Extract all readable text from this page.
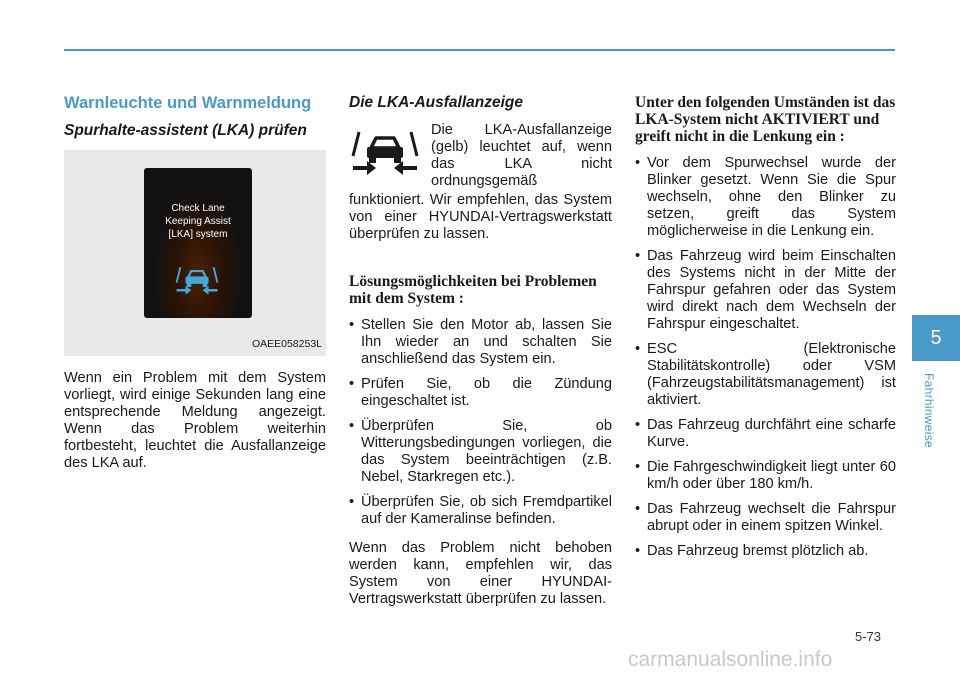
Warnleuchte und Warnmeldung
Spurhalte-assistent (LKA) prüfen
Check Lane
Keeping Assist
[LKA] system
OAEE058253L

Wenn ein Problem mit dem System vorliegt, wird einige Sekunden lang eine entsprechende Meldung angezeigt. Wenn das Problem weiterhin fortbesteht, leuchtet die Ausfallanzeige des LKA auf.

Die LKA-Ausfallanzeige

Die LKA-Ausfallanzeige (gelb) leuchtet auf, wenn das LKA nicht ordnungsgemäß

funktioniert. Wir empfehlen, das System von einer HYUNDAI-Vertragswerkstatt überprüfen zu lassen.

Lösungsmöglichkeiten bei Problemen mit dem System :
• Stellen Sie den Motor ab, lassen Sie Ihn wieder an und schalten Sie anschließend das System ein.
• Prüfen Sie, ob die Zündung eingeschaltet ist.
• Überprüfen Sie, ob Witterungsbedingungen vorliegen, die das System beeinträchtigen (z.B. Nebel, Starkregen etc.).
• Überprüfen Sie, ob sich Fremdpartikel auf der Kameralinse befinden.

Wenn das Problem nicht behoben werden kann, empfehlen wir, das System von einer HYUNDAI-Vertragswerkstatt überprüfen zu lassen.

Unter den folgenden Umständen ist das LKA-System nicht AKTIVIERT und greift nicht in die Lenkung ein :
• Vor dem Spurwechsel wurde der Blinker gesetzt. Wenn Sie die Spur wechseln, ohne den Blinker zu setzen, greift das System möglicherweise in die Lenkung ein.
• Das Fahrzeug wird beim Einschalten des Systems nicht in der Mitte der Fahrspur gefahren oder das System wird direkt nach dem Wechseln der Fahrspur eingeschaltet.
• ESC (Elektronische Stabilitätskontrolle) oder VSM (Fahrzeugstabilitätsmanagement) ist aktiviert.
• Das Fahrzeug durchfährt eine scharfe Kurve.
• Die Fahrgeschwindigkeit liegt unter 60 km/h oder über 180 km/h.
• Das Fahrzeug wechselt die Fahrspur abrupt oder in einem spitzen Winkel.
• Das Fahrzeug bremst plötzlich ab.
5
Fahrhinweise
5-73
carmanualsonline.info
